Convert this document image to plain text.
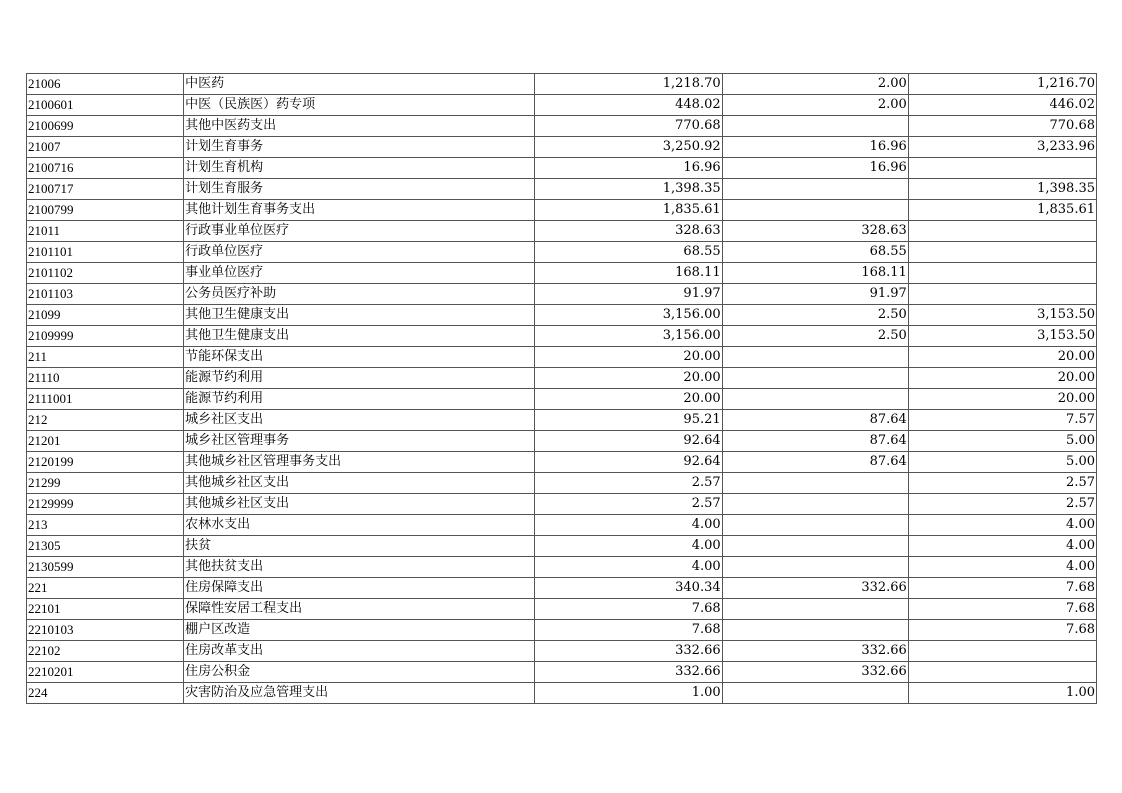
21006	中医药	1,218.70	2.00	1,216.70
2100601	中医（民族医）药专项	448.02	2.00	446.02
2100699	其他中医药支出	770.68		770.68
21007	计划生育事务	3,250.92	16.96	3,233.96
2100716	计划生育机构	16.96	16.96	
2100717	计划生育服务	1,398.35		1,398.35
2100799	其他计划生育事务支出	1,835.61		1,835.61
21011	行政事业单位医疗	328.63	328.63	
2101101	行政单位医疗	68.55	68.55	
2101102	事业单位医疗	168.11	168.11	
2101103	公务员医疗补助	91.97	91.97	
21099	其他卫生健康支出	3,156.00	2.50	3,153.50
2109999	其他卫生健康支出	3,156.00	2.50	3,153.50
211	节能环保支出	20.00		20.00
21110	能源节约利用	20.00		20.00
2111001	能源节约利用	20.00		20.00
212	城乡社区支出	95.21	87.64	7.57
21201	城乡社区管理事务	92.64	87.64	5.00
2120199	其他城乡社区管理事务支出	92.64	87.64	5.00
21299	其他城乡社区支出	2.57		2.57
2129999	其他城乡社区支出	2.57		2.57
213	农林水支出	4.00		4.00
21305	扶贫	4.00		4.00
2130599	其他扶贫支出	4.00		4.00
221	住房保障支出	340.34	332.66	7.68
22101	保障性安居工程支出	7.68		7.68
2210103	棚户区改造	7.68		7.68
22102	住房改革支出	332.66	332.66	
2210201	住房公积金	332.66	332.66	
224	灾害防治及应急管理支出	1.00		1.00
